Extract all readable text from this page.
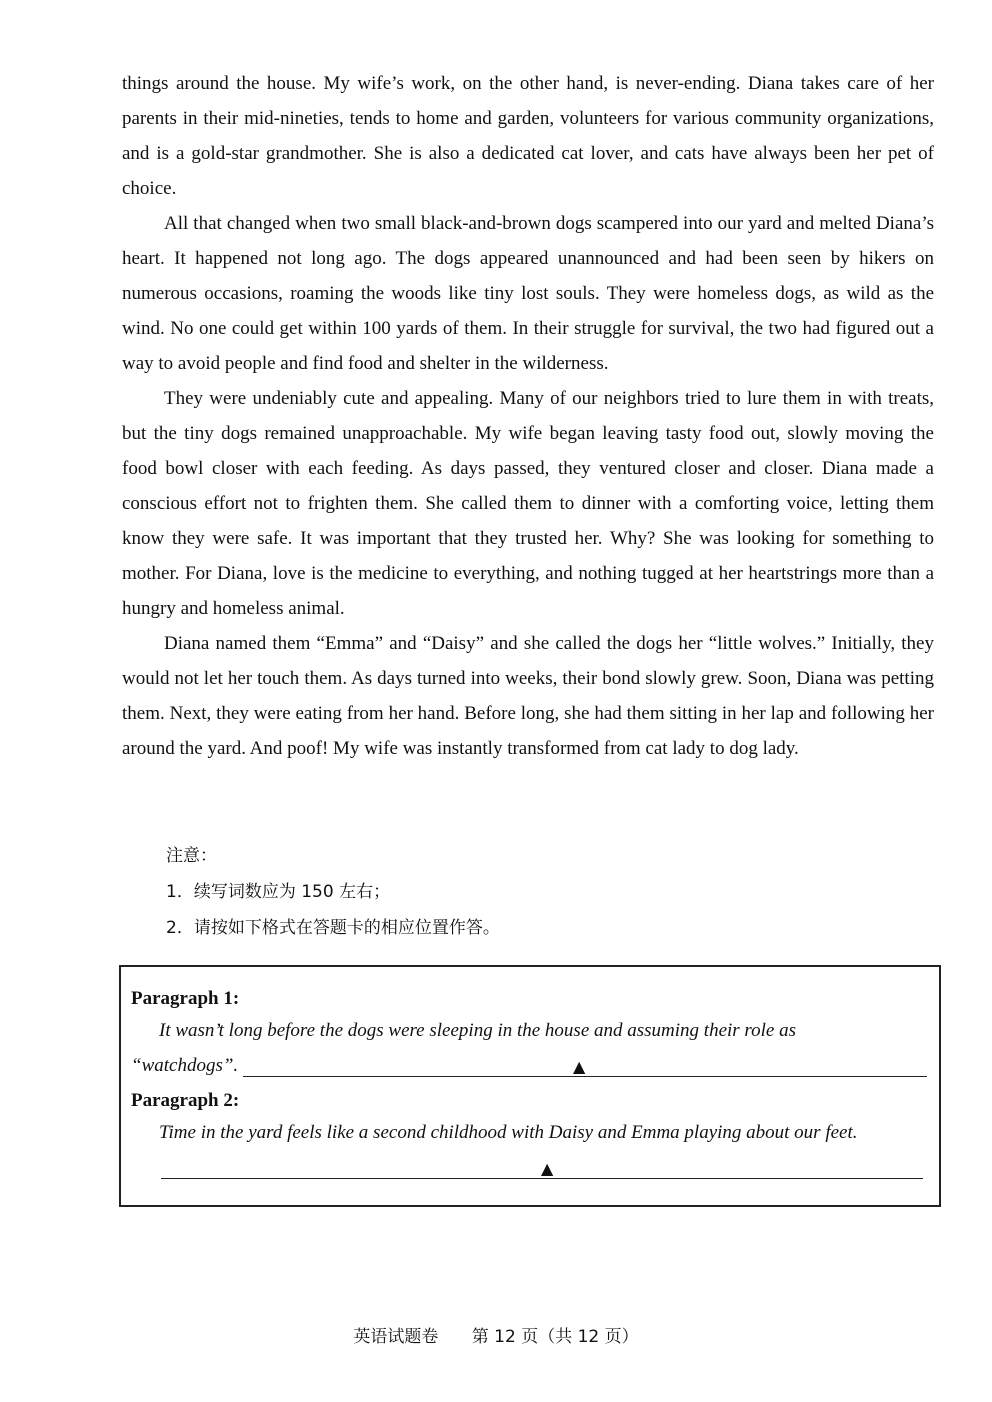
things around the house. My wife’s work, on the other hand, is never-ending. Diana takes care of her parents in their mid-nineties, tends to home and garden, volunteers for various community organizations, and is a gold-star grandmother. She is also a dedicated cat lover, and cats have always been her pet of choice.

All that changed when two small black-and-brown dogs scampered into our yard and melted Diana’s heart. It happened not long ago. The dogs appeared unannounced and had been seen by hikers on numerous occasions, roaming the woods like tiny lost souls. They were homeless dogs, as wild as the wind. No one could get within 100 yards of them. In their struggle for survival, the two had figured out a way to avoid people and find food and shelter in the wilderness.

They were undeniably cute and appealing. Many of our neighbors tried to lure them in with treats, but the tiny dogs remained unapproachable. My wife began leaving tasty food out, slowly moving the food bowl closer with each feeding. As days passed, they ventured closer and closer. Diana made a conscious effort not to frighten them. She called them to dinner with a comforting voice, letting them know they were safe. It was important that they trusted her. Why? She was looking for something to mother. For Diana, love is the medicine to everything, and nothing tugged at her heartstrings more than a hungry and homeless animal.

Diana named them “Emma” and “Daisy” and she called the dogs her “little wolves.” Initially, they would not let her touch them. As days turned into weeks, their bond slowly grew. Soon, Diana was petting them. Next, they were eating from her hand. Before long, she had them sitting in her lap and following her around the yard. And poof! My wife was instantly transformed from cat lady to dog lady.

注意：
1．续写词数应为 150 左右；
2．请按如下格式在答题卡的相应位置作答。
Paragraph 1:
It wasn’t long before the dogs were sleeping in the house and assuming their role as
“watchdogs”.	▲
Paragraph 2:
Time in the yard feels like a second childhood with Daisy and Emma playing about our feet.
▲
英语试题卷 第 12 页（共 12 页）
